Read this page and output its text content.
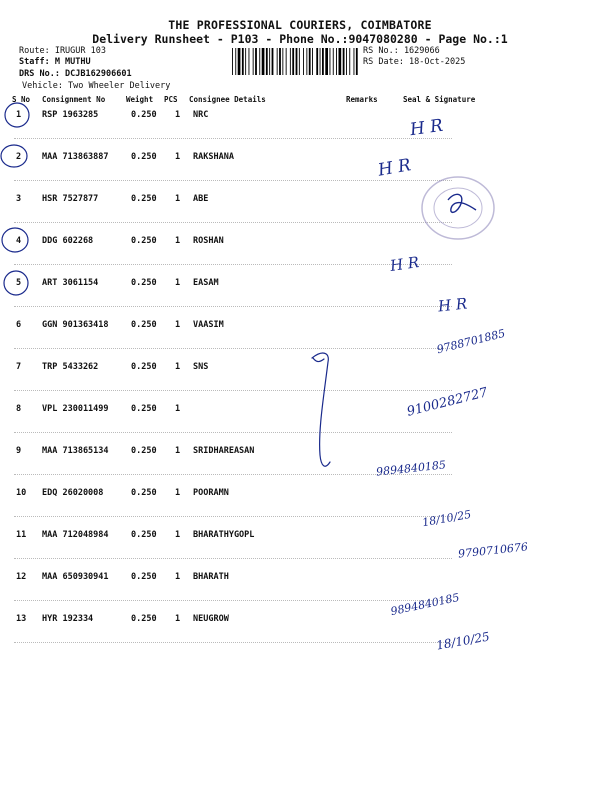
THE PROFESSIONAL COURIERS, COIMBATORE
Delivery Runsheet - P103 - Phone No.:9047080280 - Page No.:1
Route: IRUGUR 103
Staff: M MUTHU
DRS No.: DCJB162906601
Vehicle: Two Wheeler Delivery
RS No.: 1629066
RS Date: 18-Oct-2025
S No Consignment No	Weight PCS Consignee Details	Remarks	Seal & Signature
1 RSP 1963285	0.250 1 NRC
2 MAA 713863887	0.250 1 RAKSHANA
3 HSR 7527877	0.250 1 ABE
4 DDG 602268	0.250 1 ROSHAN
5 ART 3061154	0.250 1 EASAM
6 GGN 901363418	0.250 1 VAASIM
7 TRP 5433262	0.250 1 SNS
8 VPL 230011499	0.250 1
9 MAA 713865134	0.250 1 SRIDHAREASAN
10 EDQ 26020008	0.250 1 POORAMN
11 MAA 712048984	0.250 1 BHARATHYGOPL
12 MAA 650930941	0.250 1 BHARATH
13 HYR 192334	0.250 1 NEUGROW
H R
H R
H R
H R
9788701885
9100282727
9894840185
18/10/25
9790710676
9894840185
18/10/25
